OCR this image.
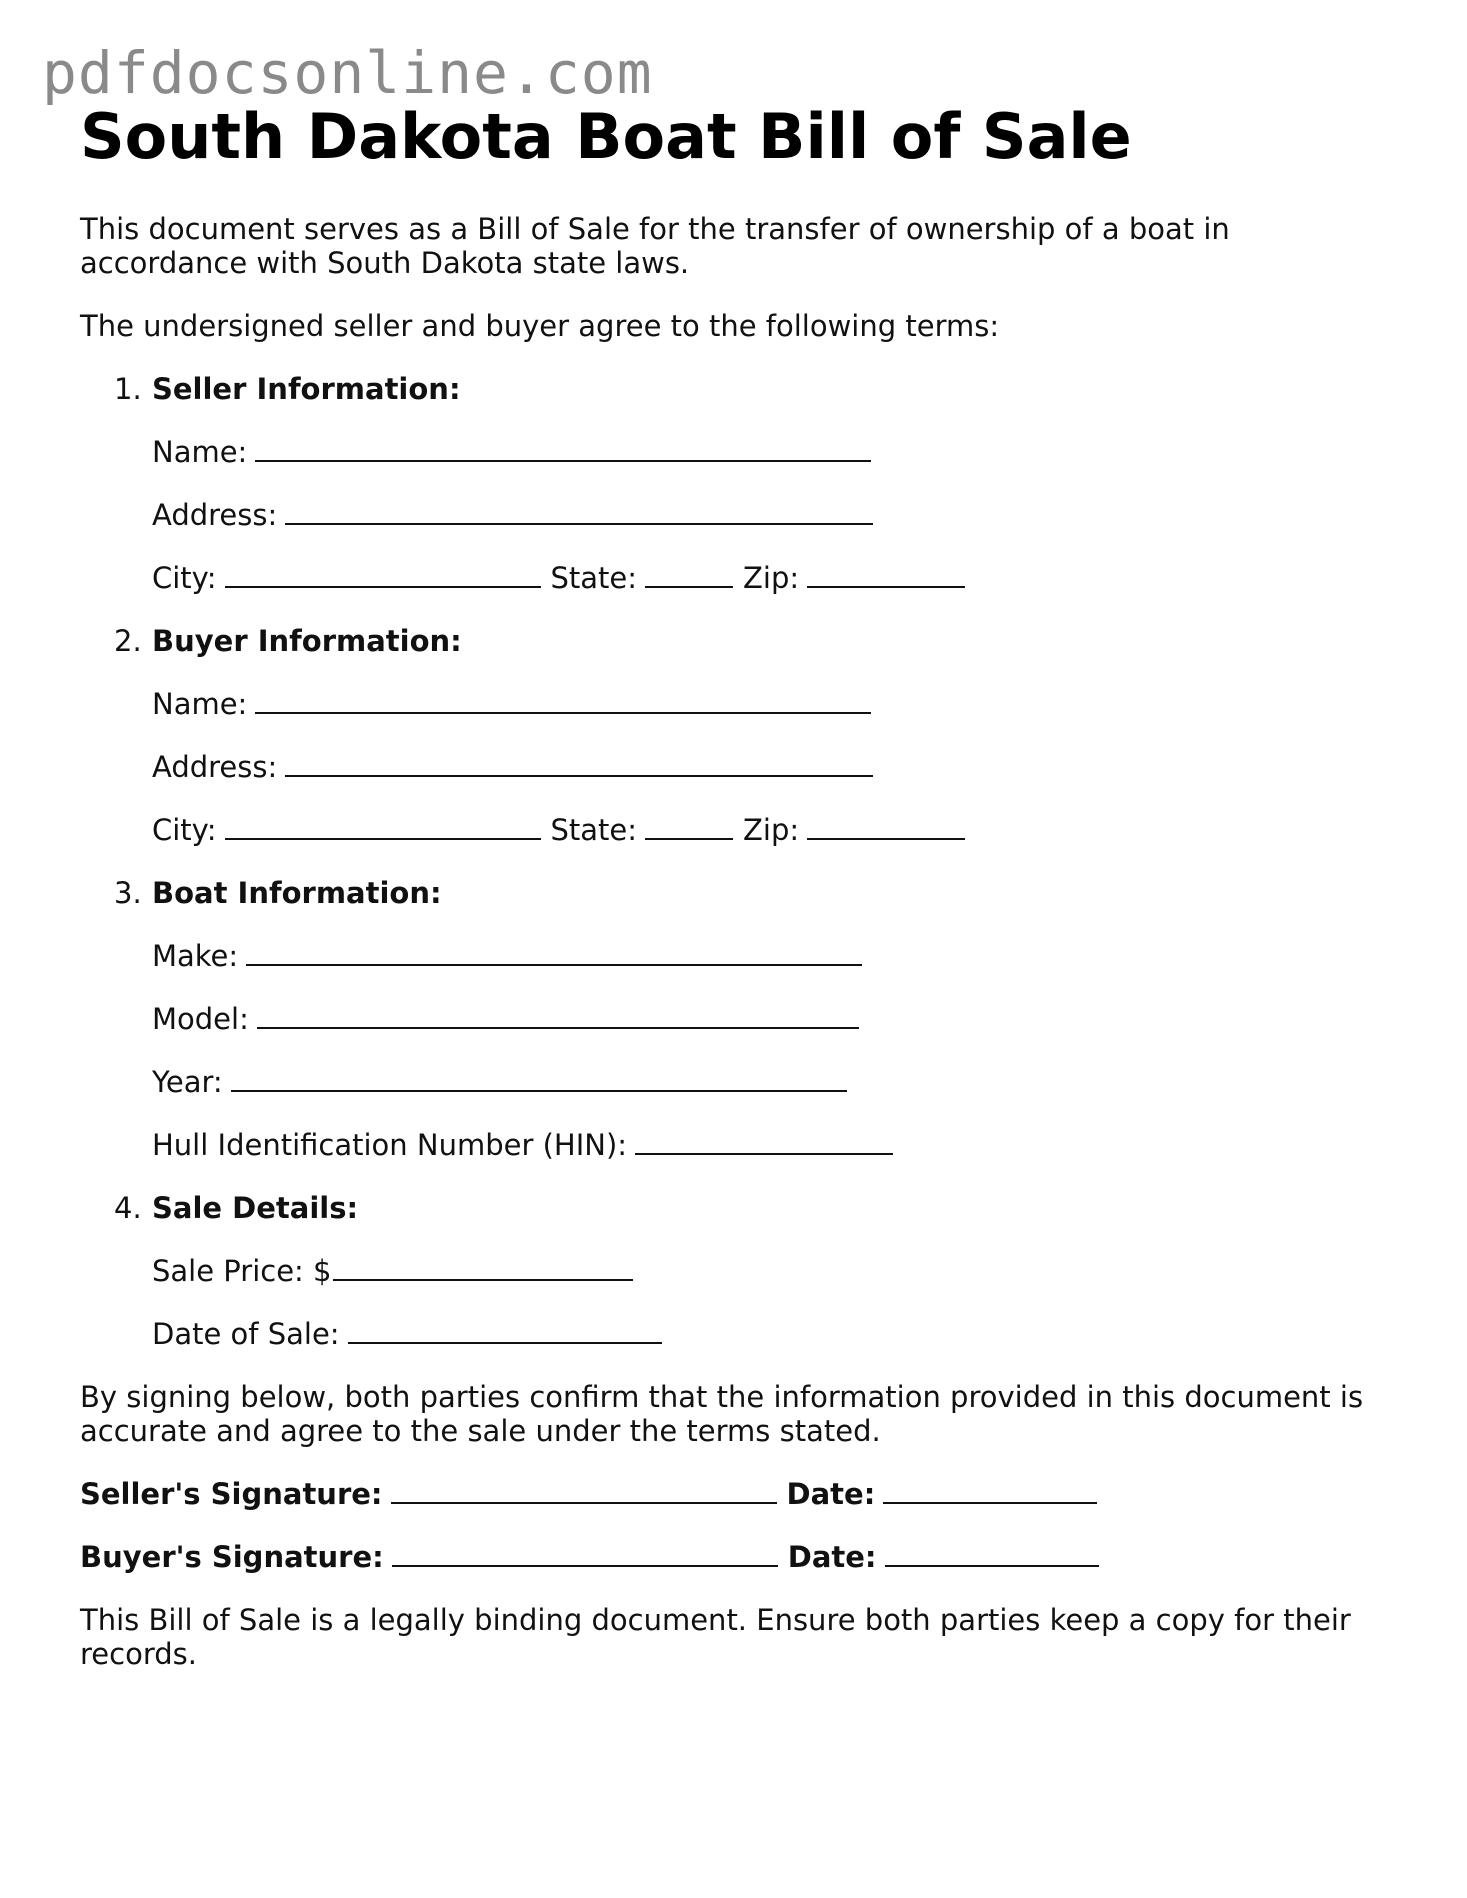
pdfdocsonline.com
South Dakota Boat Bill of Sale

This document serves as a Bill of Sale for the transfer of ownership of a boat in accordance with South Dakota state laws.

The undersigned seller and buyer agree to the following terms:

1. Seller Information:
Name:
Address:
City:	State:	Zip:
2. Buyer Information:
Name:
Address:
City:	State:	Zip:
3. Boat Information:
Make:
Model:
Year:
Hull Identification Number (HIN):
4. Sale Details:
Sale Price: $
Date of Sale:

By signing below, both parties confirm that the information provided in this document is accurate and agree to the sale under the terms stated.

Seller's Signature:	Date:
Buyer's Signature:	Date:

This Bill of Sale is a legally binding document. Ensure both parties keep a copy for their records.
